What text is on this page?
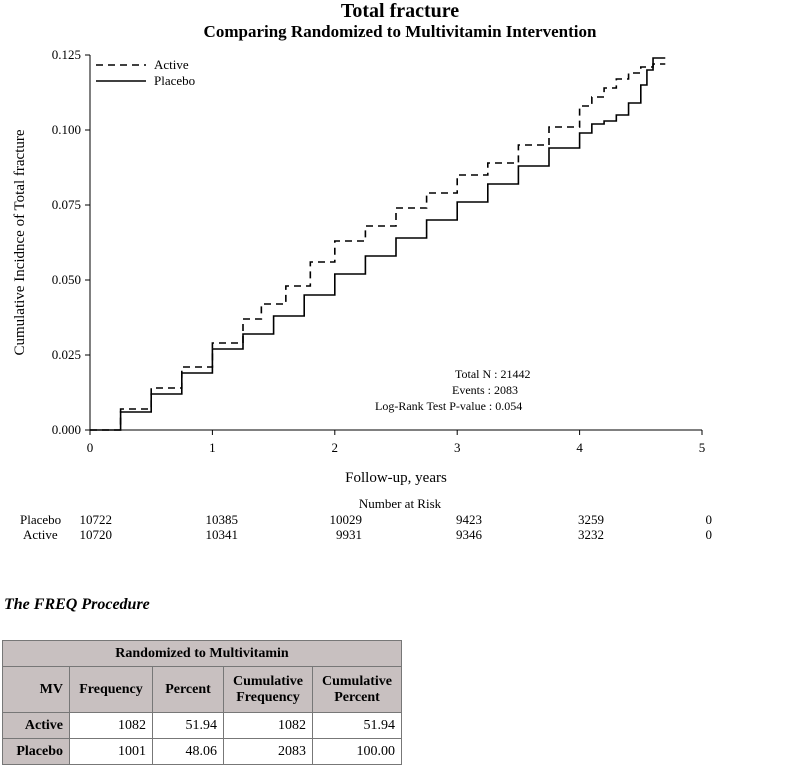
Total fracture
Comparing Randomized to Multivitamin Intervention
0.000
0.025
0.050
0.075
0.100
0.125
0	1	2	3	4	5
Follow-up, years
Cumulative Incidnce of Total fracture
Active
Placebo
Total N : 21442
Events : 2083
Log-Rank Test P-value : 0.054
Number at Risk
Placebo	10722	10385	10029	9423	3259	0
Active	10720	10341	9931	9346	3232	0
The FREQ Procedure
Randomized to Multivitamin				
MV	Frequency	Percent	Cumulative Frequency	Cumulative Percent
Active	1082	51.94	1082	51.94
Placebo	1001	48.06	2083	100.00
